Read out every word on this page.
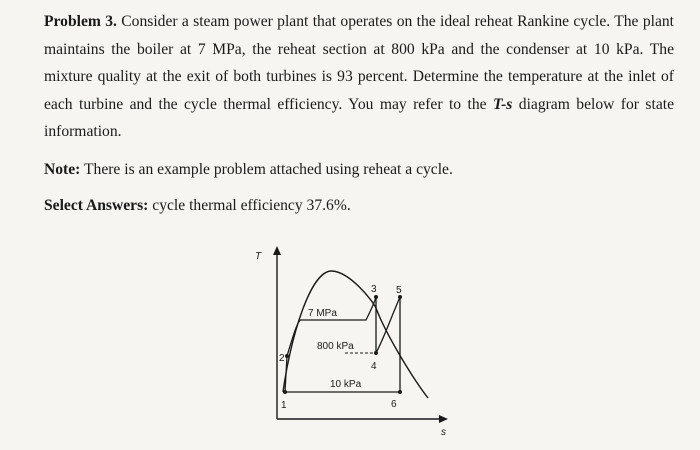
Problem 3. Consider a steam power plant that operates on the ideal reheat Rankine cycle. The plant maintains the boiler at 7 MPa, the reheat section at 800 kPa and the condenser at 10 kPa. The mixture quality at the exit of both turbines is 93 percent. Determine the temperature at the inlet of each turbine and the cycle thermal efficiency. You may refer to the T-s diagram below for state information.
Note: There is an example problem attached using reheat a cycle.
Select Answers: cycle thermal efficiency 37.6%.
T
s
7 MPa
800 kPa
10 kPa
1
2
3
4
5
6
